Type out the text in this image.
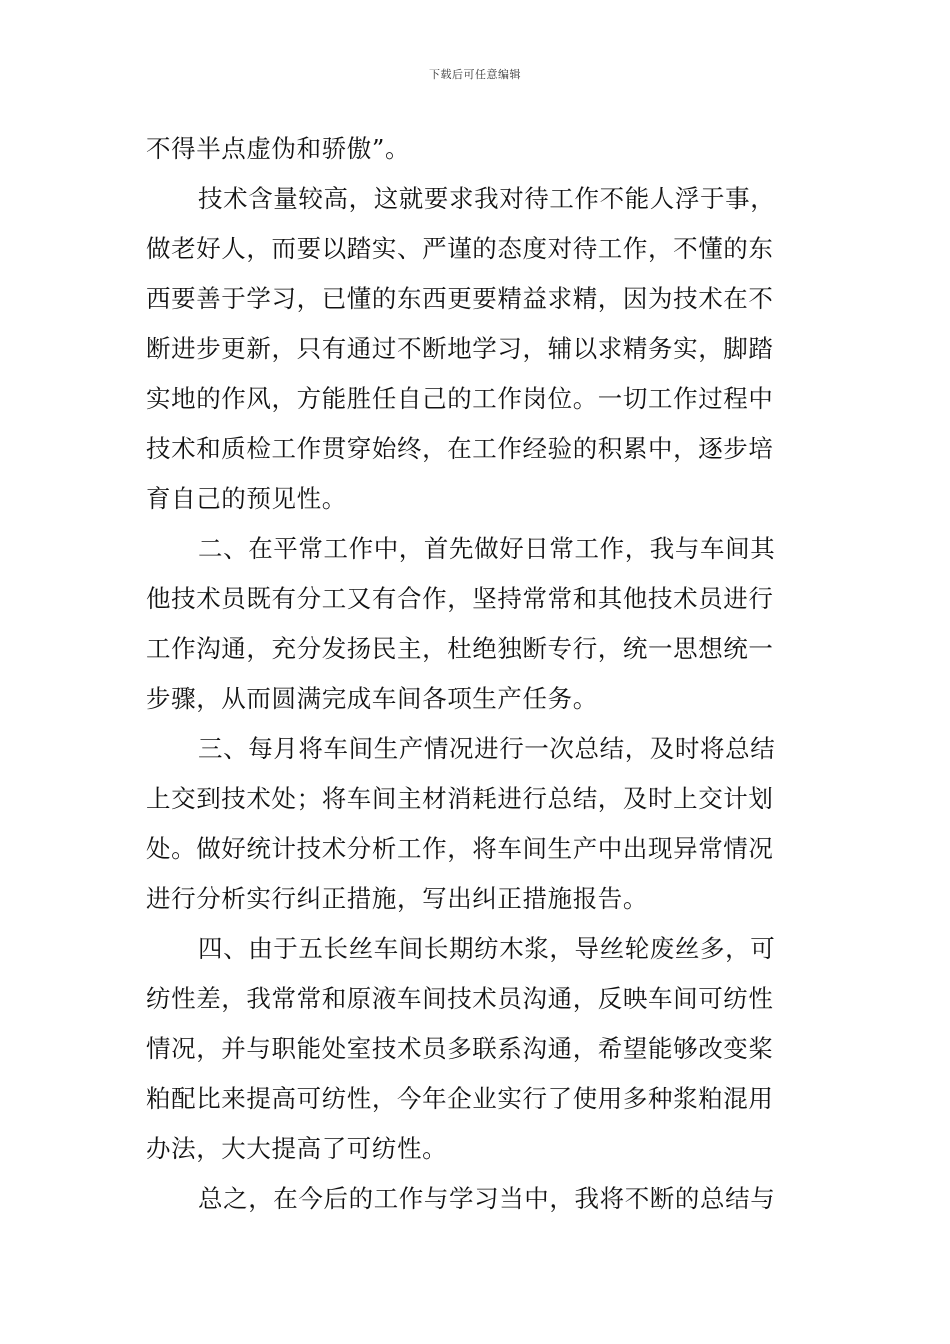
下载后可任意编辑
不得半点虚伪和骄傲”。
技术含量较高，这就要求我对待工作不能人浮于事，
做老好人，而要以踏实、严谨的态度对待工作，不懂的东
西要善于学习，已懂的东西更要精益求精，因为技术在不
断进步更新，只有通过不断地学习，辅以求精务实，脚踏
实地的作风，方能胜任自己的工作岗位。一切工作过程中
技术和质检工作贯穿始终，在工作经验的积累中，逐步培
育自己的预见性。
二、在平常工作中，首先做好日常工作，我与车间其
他技术员既有分工又有合作，坚持常常和其他技术员进行
工作沟通，充分发扬民主，杜绝独断专行，统一思想统一
步骤，从而圆满完成车间各项生产任务。
三、每月将车间生产情况进行一次总结，及时将总结
上交到技术处；将车间主材消耗进行总结，及时上交计划
处。做好统计技术分析工作，将车间生产中出现异常情况
进行分析实行纠正措施，写出纠正措施报告。
四、由于五长丝车间长期纺木浆，导丝轮废丝多，可
纺性差，我常常和原液车间技术员沟通，反映车间可纺性
情况，并与职能处室技术员多联系沟通，希望能够改变桨
粕配比来提高可纺性，今年企业实行了使用多种浆粕混用
办法，大大提高了可纺性。
总之，在今后的工作与学习当中，我将不断的总结与
